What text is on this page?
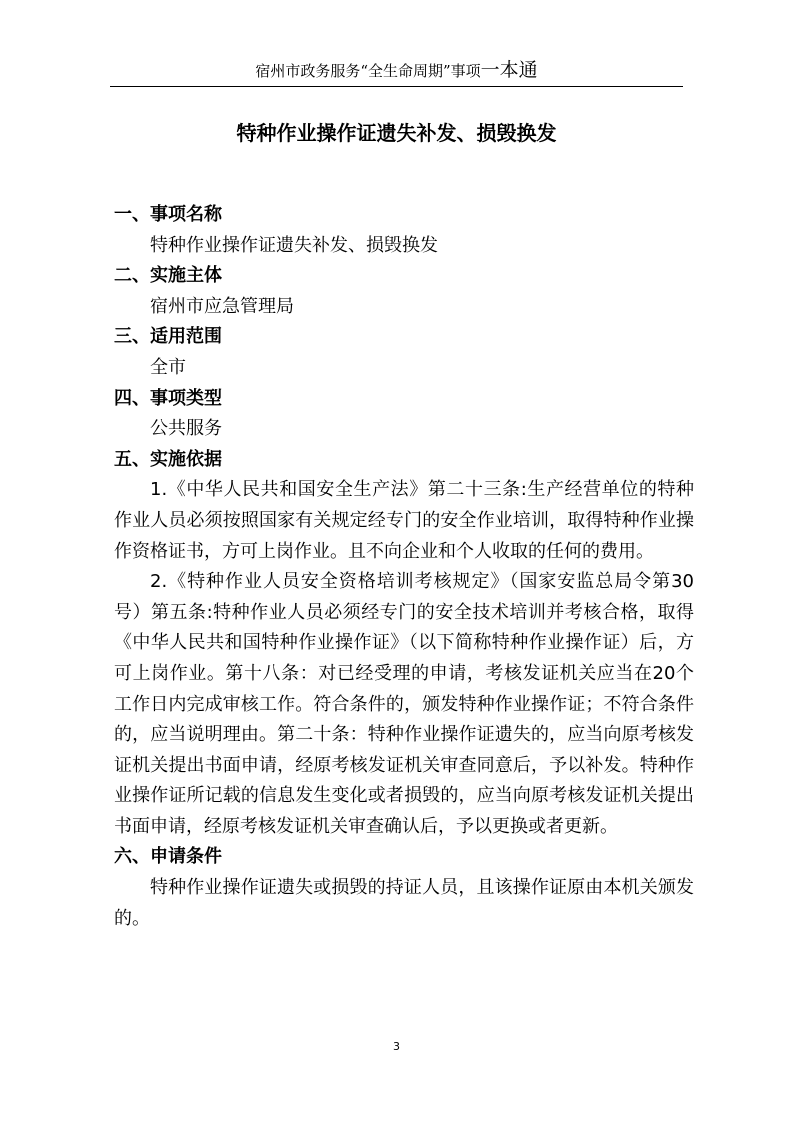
宿州市政务服务“全生命周期”事项一本通
特种作业操作证遗失补发、损毁换发

一、事项名称

特种作业操作证遗失补发、损毁换发

二、实施主体

宿州市应急管理局

三、适用范围

全市

四、事项类型

公共服务

五、实施依据

1.《中华人民共和国安全生产法》第二十三条:生产经营单位的特种作业人员必须按照国家有关规定经专门的安全作业培训，取得特种作业操作资格证书，方可上岗作业。且不向企业和个人收取的任何的费用。

2.《特种作业人员安全资格培训考核规定》（国家安监总局令第30号）第五条:特种作业人员必须经专门的安全技术培训并考核合格，取得《中华人民共和国特种作业操作证》（以下简称特种作业操作证）后，方可上岗作业。第十八条：对已经受理的申请，考核发证机关应当在20个工作日内完成审核工作。符合条件的，颁发特种作业操作证；不符合条件的，应当说明理由。第二十条：特种作业操作证遗失的，应当向原考核发证机关提出书面申请，经原考核发证机关审查同意后，予以补发。特种作业操作证所记载的信息发生变化或者损毁的，应当向原考核发证机关提出书面申请，经原考核发证机关审查确认后，予以更换或者更新。

六、申请条件

特种作业操作证遗失或损毁的持证人员，且该操作证原由本机关颁发的。

3
